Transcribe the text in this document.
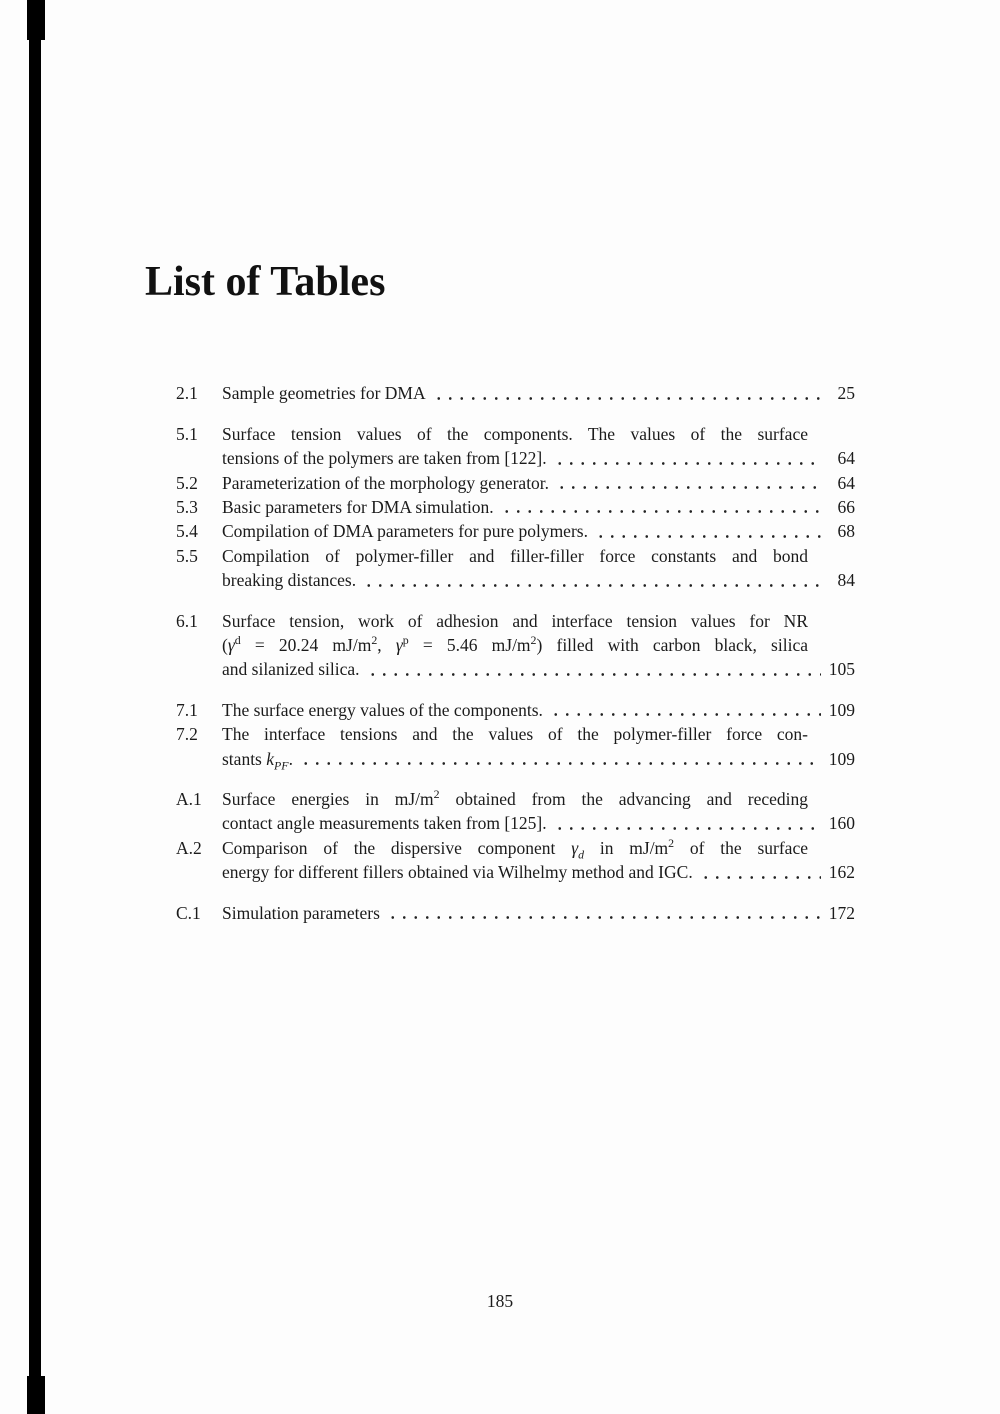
List of Tables
2.1	Sample geometries for DMA	25
5.1	Surface tension values of the components. The values of the surface
tensions of the polymers are taken from [122].	64
5.2	Parameterization of the morphology generator.	64
5.3	Basic parameters for DMA simulation.	66
5.4	Compilation of DMA parameters for pure polymers.	68
5.5	Compilation of polymer-filler and filler-filler force constants and bond
breaking distances.	84
6.1	Surface tension, work of adhesion and interface tension values for NR
($\gamma^d = 20.24$ $mJ/m^2$, $\gamma^p = 5.46$ $mJ/m^2$) filled with carbon black, silica
and silanized silica.	105
7.1	The surface energy values of the components.	109
7.2	The interface tensions and the values of the polymer-filler force con-
stants $k_{PF}$.	109
A.1	Surface energies in $mJ/m^2$ obtained from the advancing and receding
contact angle measurements taken from [125].	160
A.2	Comparison of the dispersive component $\gamma_d$ in $mJ/m^2$ of the surface
energy for different fillers obtained via Wilhelmy method and IGC.	162
C.1	Simulation parameters	172
185
